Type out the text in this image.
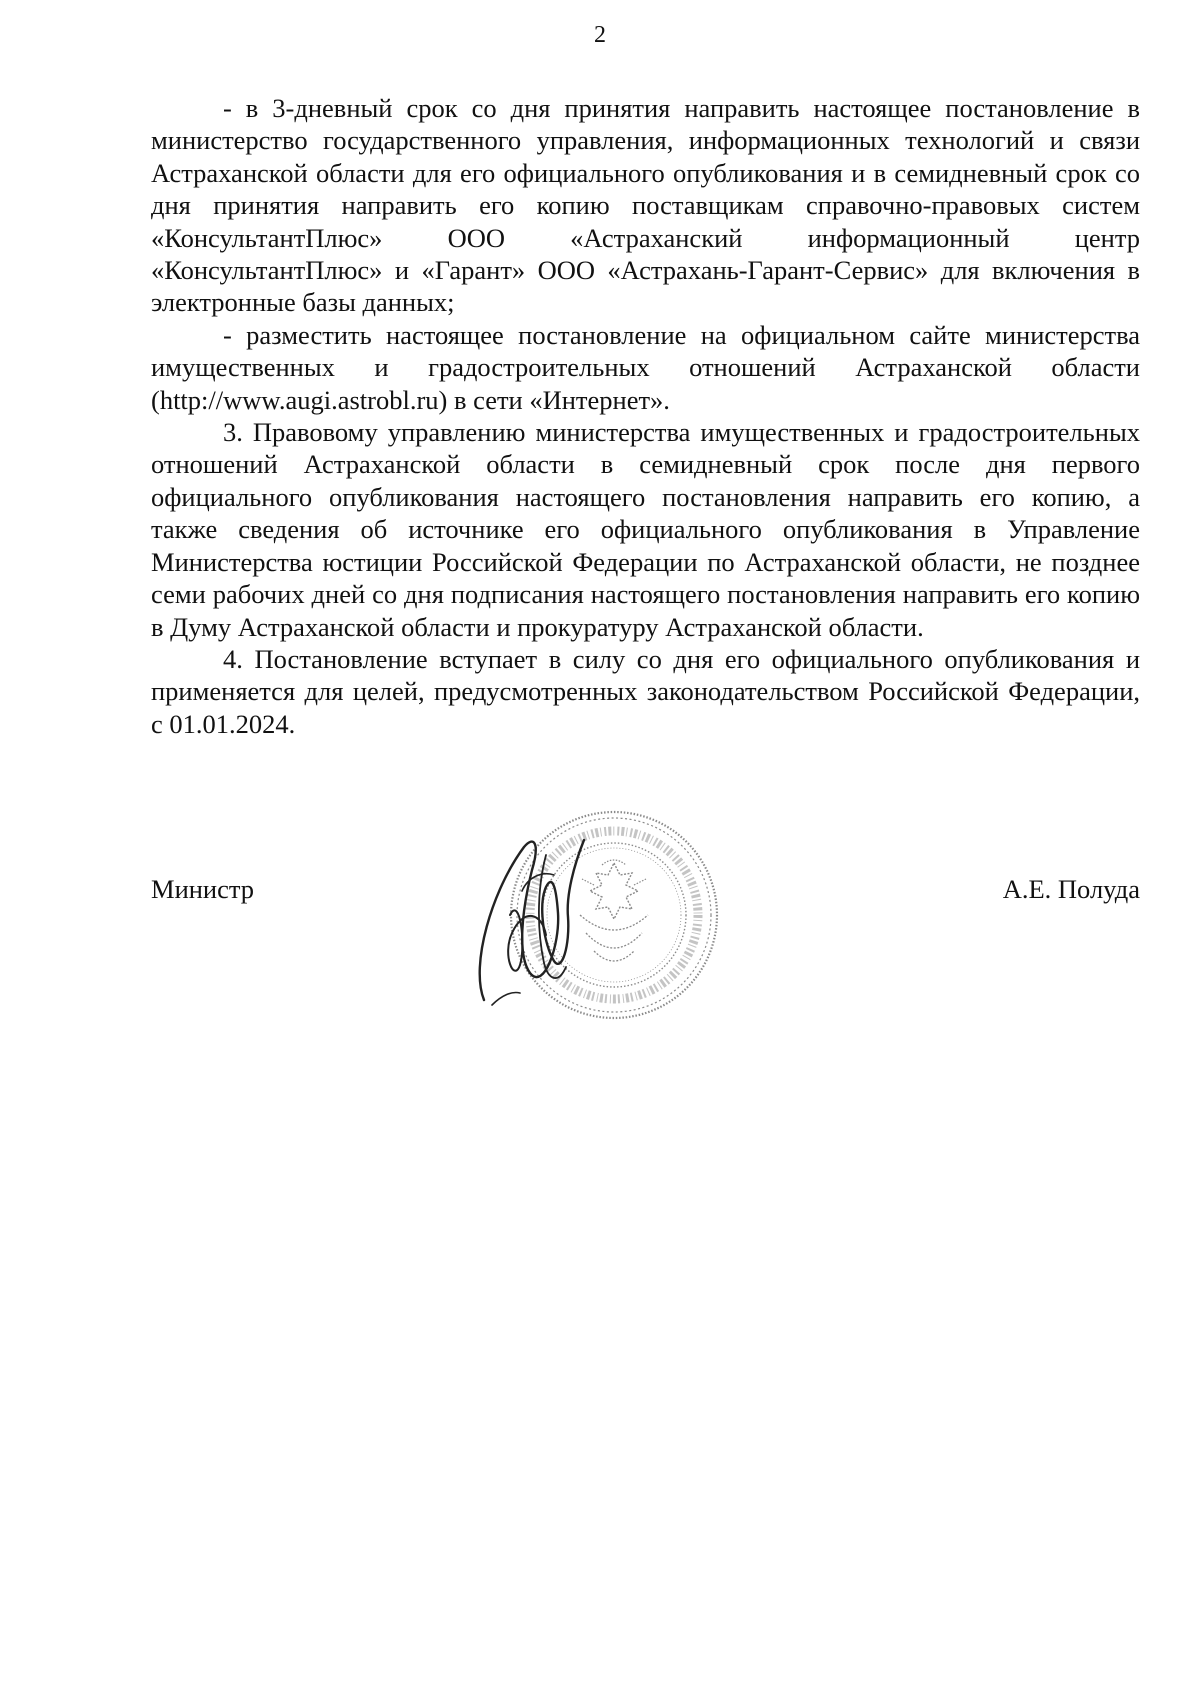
2

- в 3-дневный срок со дня принятия направить настоящее постановление в министерство государственного управления, информационных технологий и связи Астраханской области для его официального опубликования и в семидневный срок со дня принятия направить его копию поставщикам справочно-правовых систем «КонсультантПлюс» ООО «Астраханский информационный центр «КонсультантПлюс» и «Гарант» ООО «Астрахань-Гарант-Сервис» для включения в электронные базы данных;

- разместить настоящее постановление на официальном сайте министерства имущественных и градостроительных отношений Астраханской области (http://www.augi.astrobl.ru) в сети «Интернет».

3. Правовому управлению министерства имущественных и градостроительных отношений Астраханской области в семидневный срок после дня первого официального опубликования настоящего постановления направить его копию, а также сведения об источнике его официального опубликования в Управление Министерства юстиции Российской Федерации по Астраханской области, не позднее семи рабочих дней со дня подписания настоящего постановления направить его копию в Думу Астраханской области и прокуратуру Астраханской области.

4. Постановление вступает в силу со дня его официального опубликования и применяется для целей, предусмотренных законодательством Российской Федерации, с 01.01.2024.

Министр	А.Е. Полуда
